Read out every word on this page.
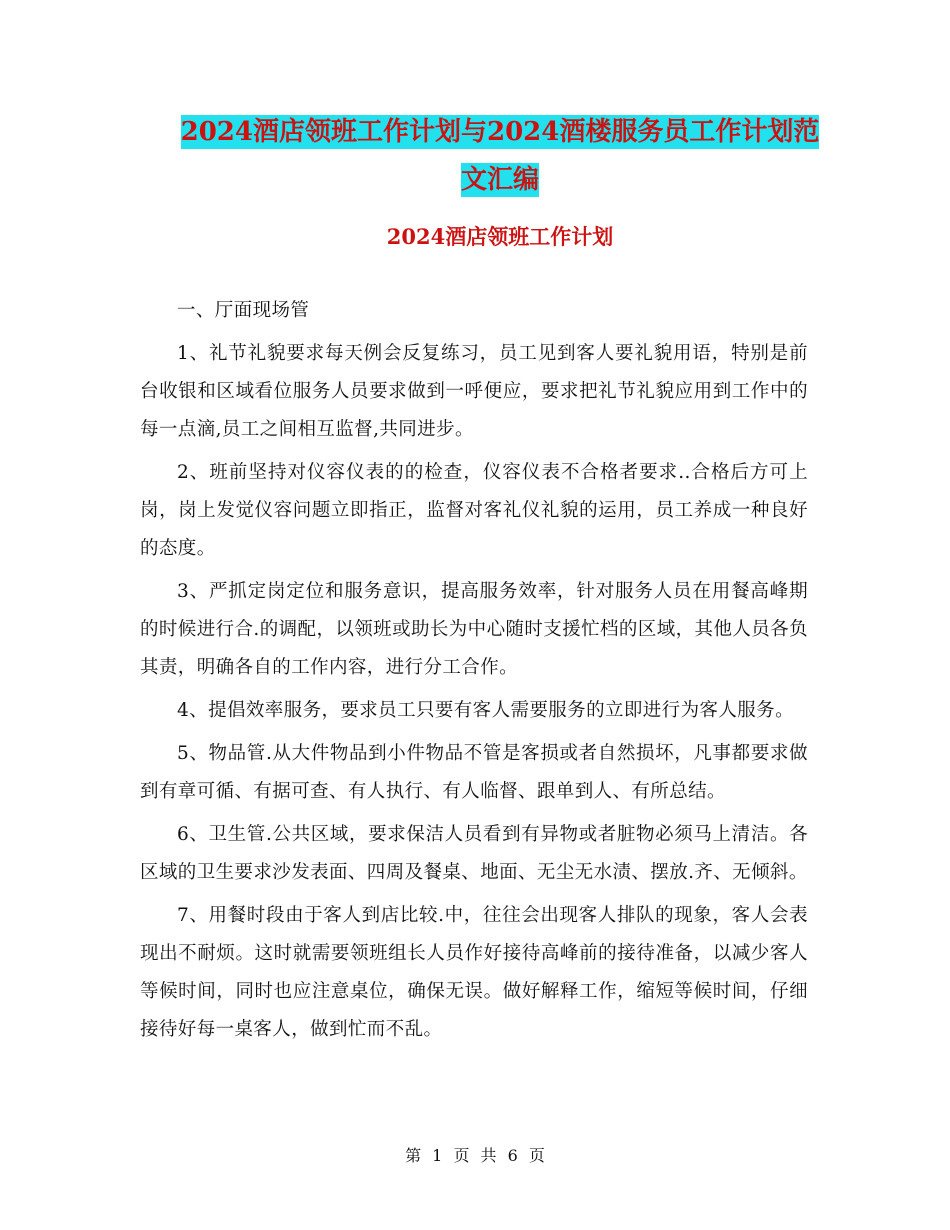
2024酒店领班工作计划与2024酒楼服务员工作计划范
文汇编
2024酒店领班工作计划

一、厅面现场管

1、礼节礼貌要求每天例会反复练习，员工见到客人要礼貌用语，特别是前台收银和区域看位服务人员要求做到一呼便应，要求把礼节礼貌应用到工作中的每一点滴,员工之间相互监督,共同进步。

2、班前坚持对仪容仪表的的检查，仪容仪表不合格者要求..合格后方可上岗，岗上发觉仪容问题立即指正，监督对客礼仪礼貌的运用，员工养成一种良好的态度。

3、严抓定岗定位和服务意识，提高服务效率，针对服务人员在用餐高峰期的时候进行合.的调配，以领班或助长为中心随时支援忙档的区域，其他人员各负其责，明确各自的工作内容，进行分工合作。

4、提倡效率服务，要求员工只要有客人需要服务的立即进行为客人服务。

5、物品管.从大件物品到小件物品不管是客损或者自然损坏，凡事都要求做到有章可循、有据可查、有人执行、有人临督、跟单到人、有所总结。

6、卫生管.公共区域，要求保洁人员看到有异物或者脏物必须马上清洁。各区域的卫生要求沙发表面、四周及餐桌、地面、无尘无水渍、摆放.齐、无倾斜。

7、用餐时段由于客人到店比较.中，往往会出现客人排队的现象，客人会表现出不耐烦。这时就需要领班组长人员作好接待高峰前的接待准备，以减少客人等候时间，同时也应注意桌位，确保无误。做好解释工作，缩短等候时间，仔细接待好每一桌客人，做到忙而不乱。

第 1 页 共 6 页
